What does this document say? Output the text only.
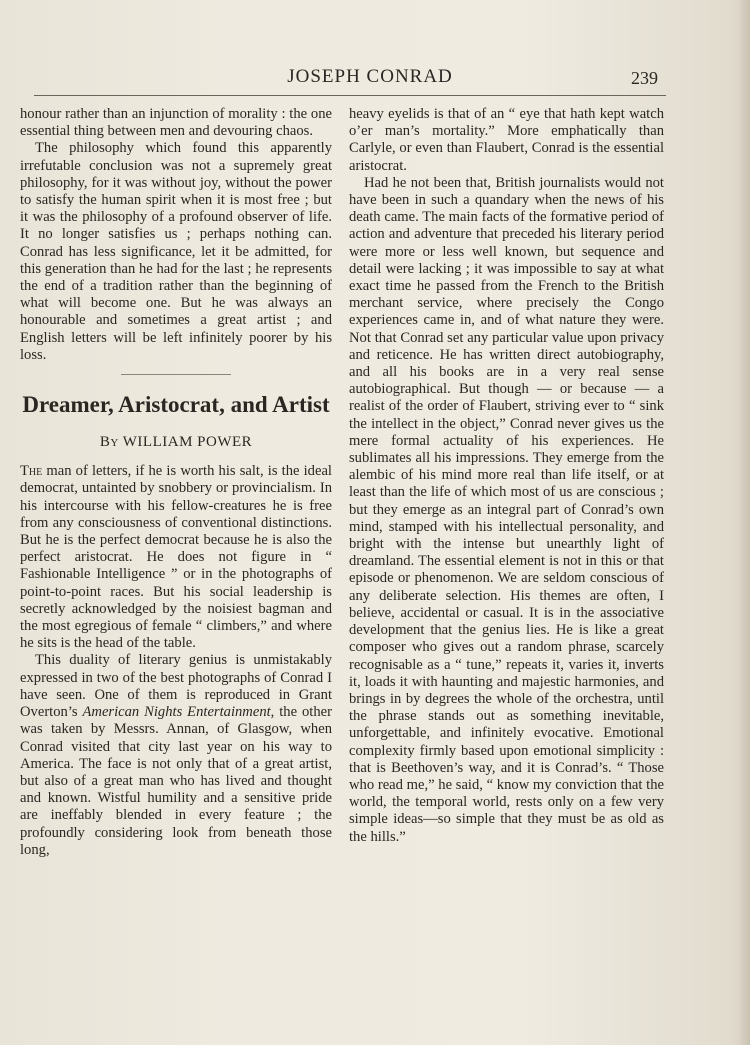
JOSEPH CONRAD	239

honour rather than an injunction of morality : the one essential thing between men and devouring chaos.

The philosophy which found this apparently irrefutable conclusion was not a supremely great philosophy, for it was without joy, without the power to satisfy the human spirit when it is most free ; but it was the philosophy of a profound observer of life. It no longer satisfies us ; perhaps nothing can. Conrad has less significance, let it be admitted, for this generation than he had for the last ; he represents the end of a tradition rather than the beginning of what will become one. But he was always an honourable and sometimes a great artist ; and English letters will be left infinitely poorer by his loss.

Dreamer, Aristocrat, and Artist
By WILLIAM POWER

The man of letters, if he is worth his salt, is the ideal democrat, untainted by snobbery or provincialism. In his intercourse with his fellow-creatures he is free from any consciousness of conventional distinctions. But he is the perfect democrat because he is also the perfect aristocrat. He does not figure in “ Fashionable Intelligence ” or in the photographs of point-to-point races. But his social leadership is secretly acknowledged by the noisiest bagman and the most egregious of female “ climbers,” and where he sits is the head of the table.

This duality of literary genius is unmistakably expressed in two of the best photographs of Conrad I have seen. One of them is reproduced in Grant Overton’s American Nights Entertainment, the other was taken by Messrs. Annan, of Glasgow, when Conrad visited that city last year on his way to America. The face is not only that of a great artist, but also of a great man who has lived and thought and known. Wistful humility and a sensitive pride are ineffably blended in every feature ; the profoundly considering look from beneath those long,

heavy eyelids is that of an “ eye that hath kept watch o’er man’s mortality.” More emphatically than Carlyle, or even than Flaubert, Conrad is the essential aristocrat.

Had he not been that, British journalists would not have been in such a quandary when the news of his death came. The main facts of the formative period of action and adventure that preceded his literary period were more or less well known, but sequence and detail were lacking ; it was impossible to say at what exact time he passed from the French to the British merchant service, where precisely the Congo experiences came in, and of what nature they were. Not that Conrad set any particular value upon privacy and reticence. He has written direct autobiography, and all his books are in a very real sense autobiographical. But though — or because — a realist of the order of Flaubert, striving ever to “ sink the intellect in the object,” Conrad never gives us the mere formal actuality of his experiences. He sublimates all his impressions. They emerge from the alembic of his mind more real than life itself, or at least than the life of which most of us are conscious ; but they emerge as an integral part of Conrad’s own mind, stamped with his intellectual personality, and bright with the intense but unearthly light of dreamland. The essential element is not in this or that episode or phenomenon. We are seldom conscious of any deliberate selection. His themes are often, I believe, accidental or casual. It is in the associative development that the genius lies. He is like a great composer who gives out a random phrase, scarcely recognisable as a “ tune,” repeats it, varies it, inverts it, loads it with haunting and majestic harmonies, and brings in by degrees the whole of the orchestra, until the phrase stands out as something inevitable, unforgettable, and infinitely evocative. Emotional complexity firmly based upon emotional simplicity : that is Beethoven’s way, and it is Conrad’s. “ Those who read me,” he said, “ know my conviction that the world, the temporal world, rests only on a few very simple ideas—so simple that they must be as old as the hills.”
